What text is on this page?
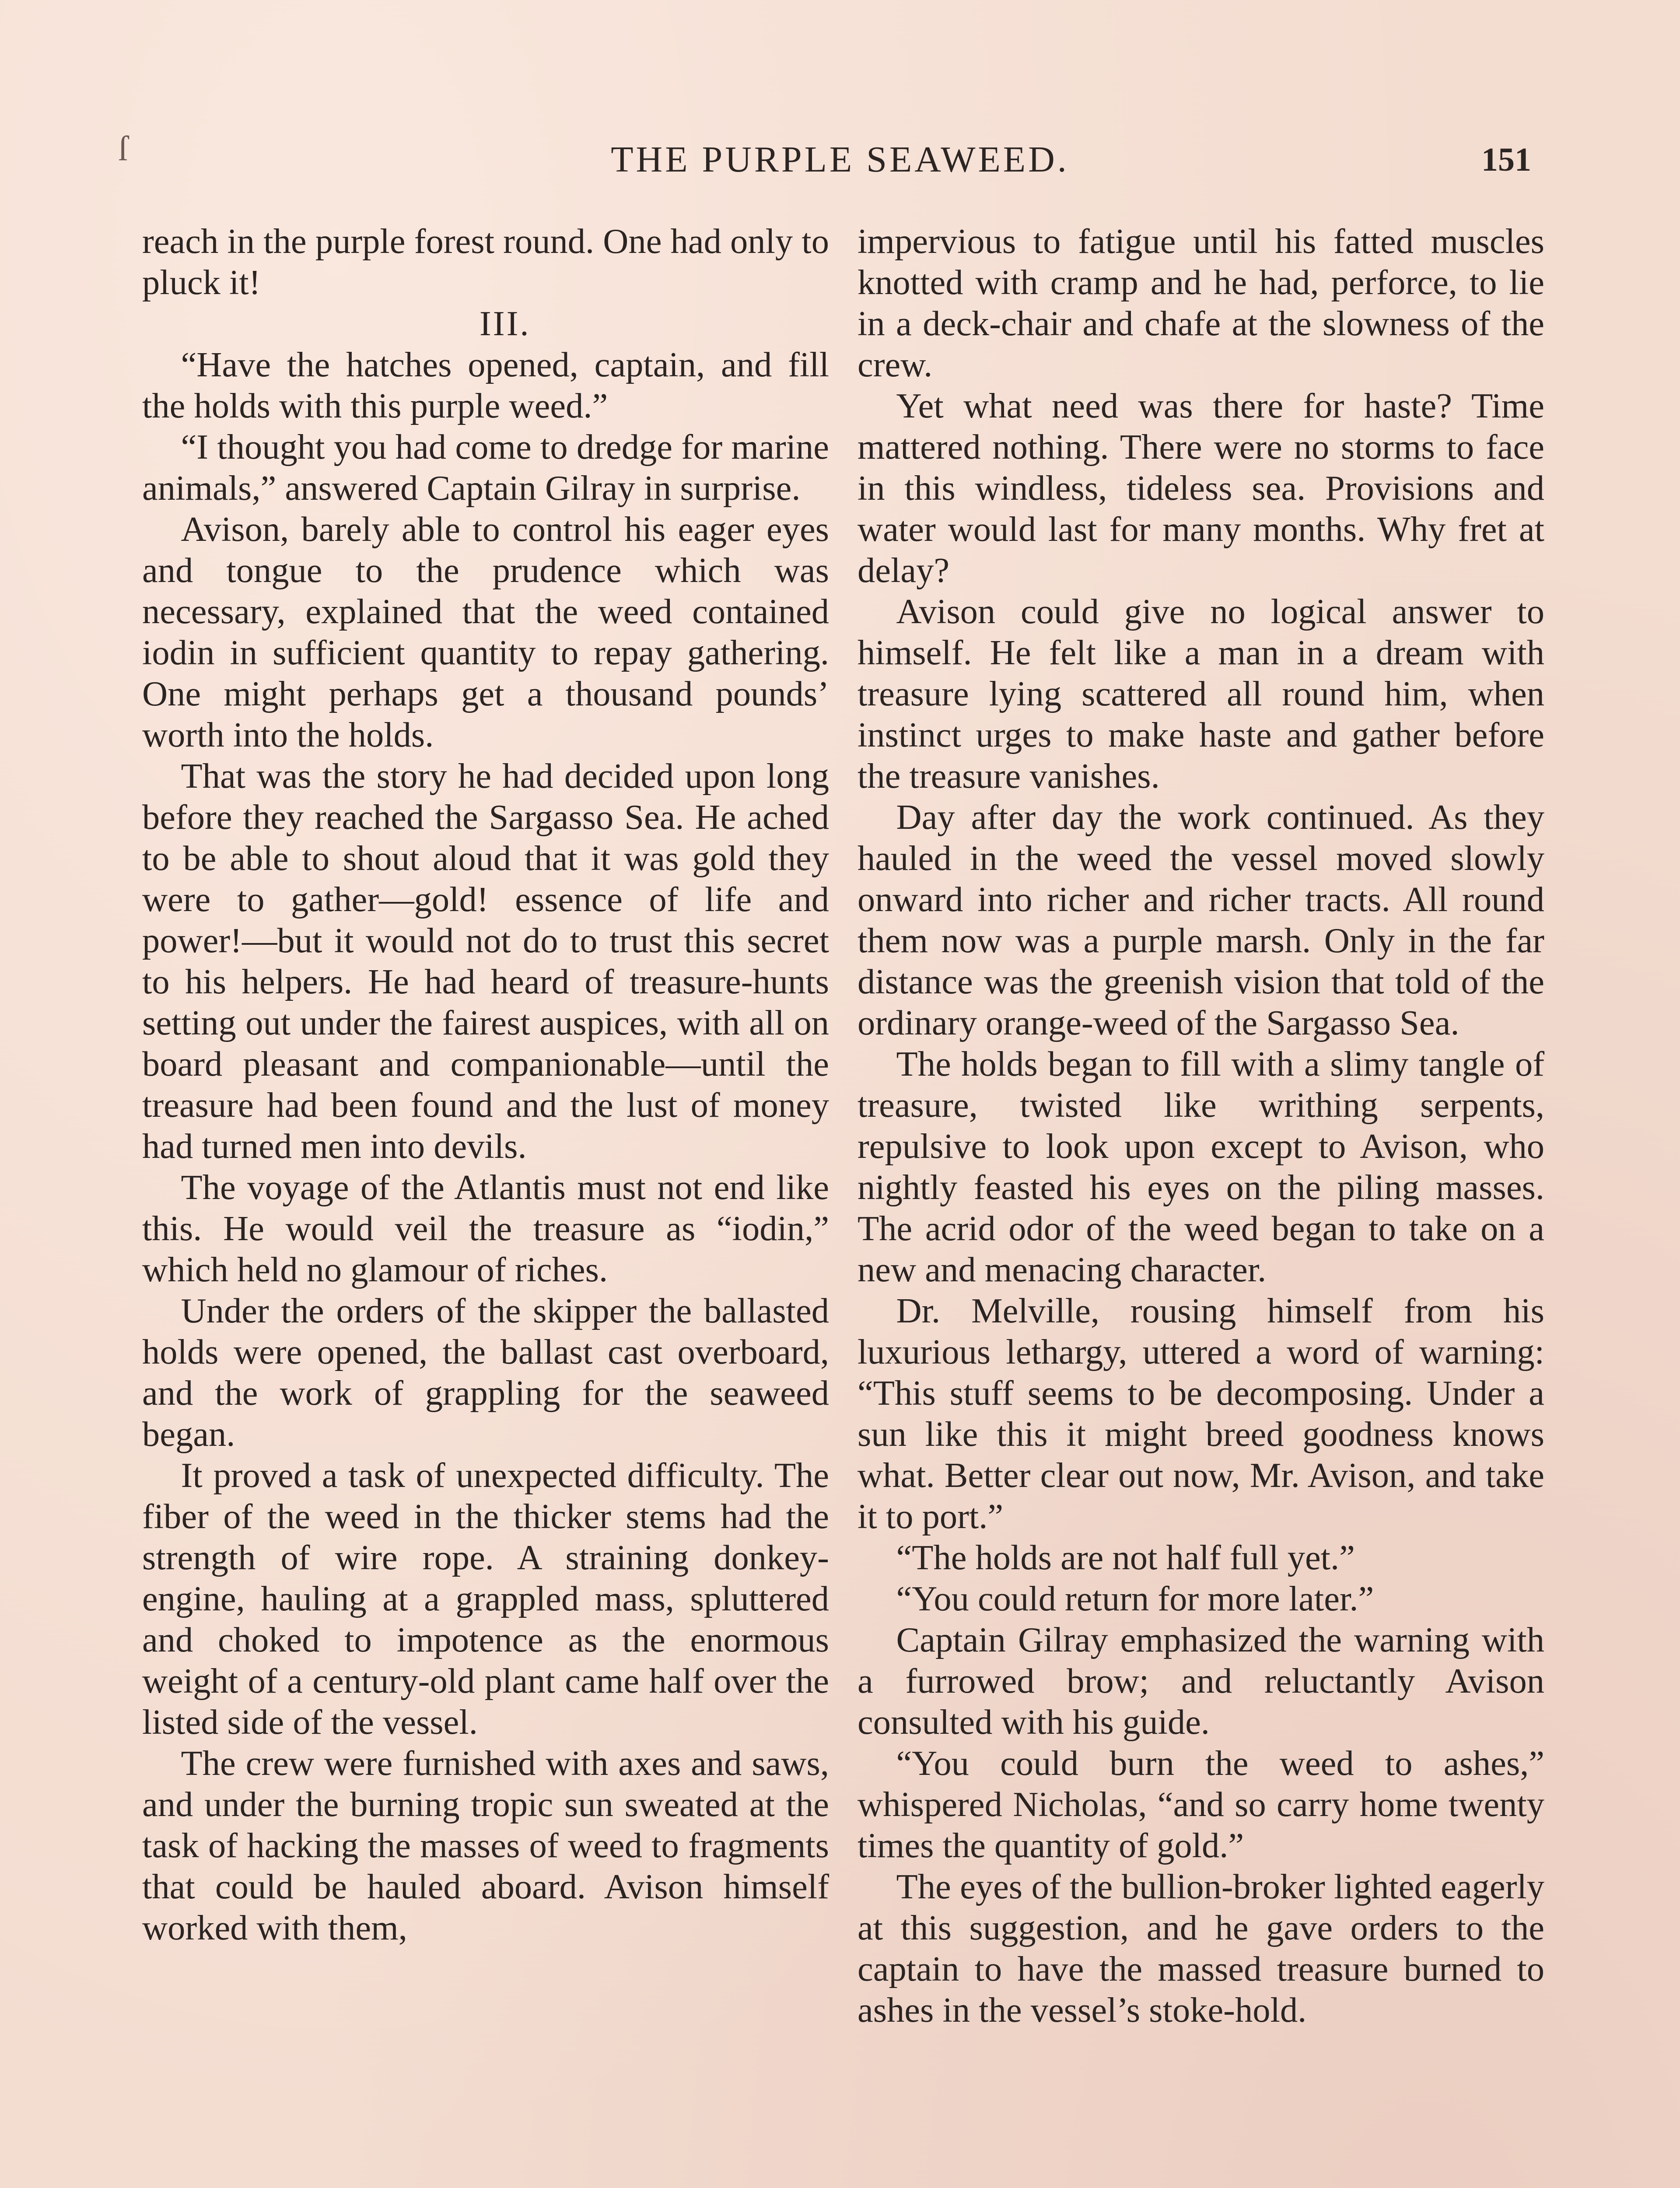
ſ	THE PURPLE SEAWEED.	151

reach in the purple forest round. One had only to pluck it!

III.

“Have the hatches opened, captain, and fill the holds with this purple weed.”

“I thought you had come to dredge for marine animals,” answered Captain Gilray in surprise.

Avison, barely able to control his eager eyes and tongue to the prudence which was necessary, explained that the weed contained iodin in sufficient quantity to repay gathering. One might perhaps get a thousand pounds’ worth into the holds.

That was the story he had decided upon long before they reached the Sargasso Sea. He ached to be able to shout aloud that it was gold they were to gather—gold! essence of life and power!—but it would not do to trust this secret to his helpers. He had heard of treasure-hunts setting out under the fairest auspices, with all on board pleasant and companionable—until the treasure had been found and the lust of money had turned men into devils.

The voyage of the Atlantis must not end like this. He would veil the treasure as “iodin,” which held no glamour of riches.

Under the orders of the skipper the ballasted holds were opened, the ballast cast overboard, and the work of grappling for the seaweed began.

It proved a task of unexpected difficulty. The fiber of the weed in the thicker stems had the strength of wire rope. A straining donkey-engine, hauling at a grappled mass, spluttered and choked to impotence as the enormous weight of a century-old plant came half over the listed side of the vessel.

The crew were furnished with axes and saws, and under the burning tropic sun sweated at the task of hacking the masses of weed to fragments that could be hauled aboard. Avison himself worked with them,

impervious to fatigue until his fatted muscles knotted with cramp and he had, perforce, to lie in a deck-chair and chafe at the slowness of the crew.

Yet what need was there for haste? Time mattered nothing. There were no storms to face in this windless, tideless sea. Provisions and water would last for many months. Why fret at delay?

Avison could give no logical answer to himself. He felt like a man in a dream with treasure lying scattered all round him, when instinct urges to make haste and gather before the treasure vanishes.

Day after day the work continued. As they hauled in the weed the vessel moved slowly onward into richer and richer tracts. All round them now was a purple marsh. Only in the far distance was the greenish vision that told of the ordinary orange-weed of the Sargasso Sea.

The holds began to fill with a slimy tangle of treasure, twisted like writhing serpents, repulsive to look upon except to Avison, who nightly feasted his eyes on the piling masses. The acrid odor of the weed began to take on a new and menacing character.

Dr. Melville, rousing himself from his luxurious lethargy, uttered a word of warning: “This stuff seems to be decomposing. Under a sun like this it might breed goodness knows what. Better clear out now, Mr. Avison, and take it to port.”

“The holds are not half full yet.”

“You could return for more later.”

Captain Gilray emphasized the warning with a furrowed brow; and reluctantly Avison consulted with his guide.

“You could burn the weed to ashes,” whispered Nicholas, “and so carry home twenty times the quantity of gold.”

The eyes of the bullion-broker lighted eagerly at this suggestion, and he gave orders to the captain to have the massed treasure burned to ashes in the vessel’s stoke-hold.
